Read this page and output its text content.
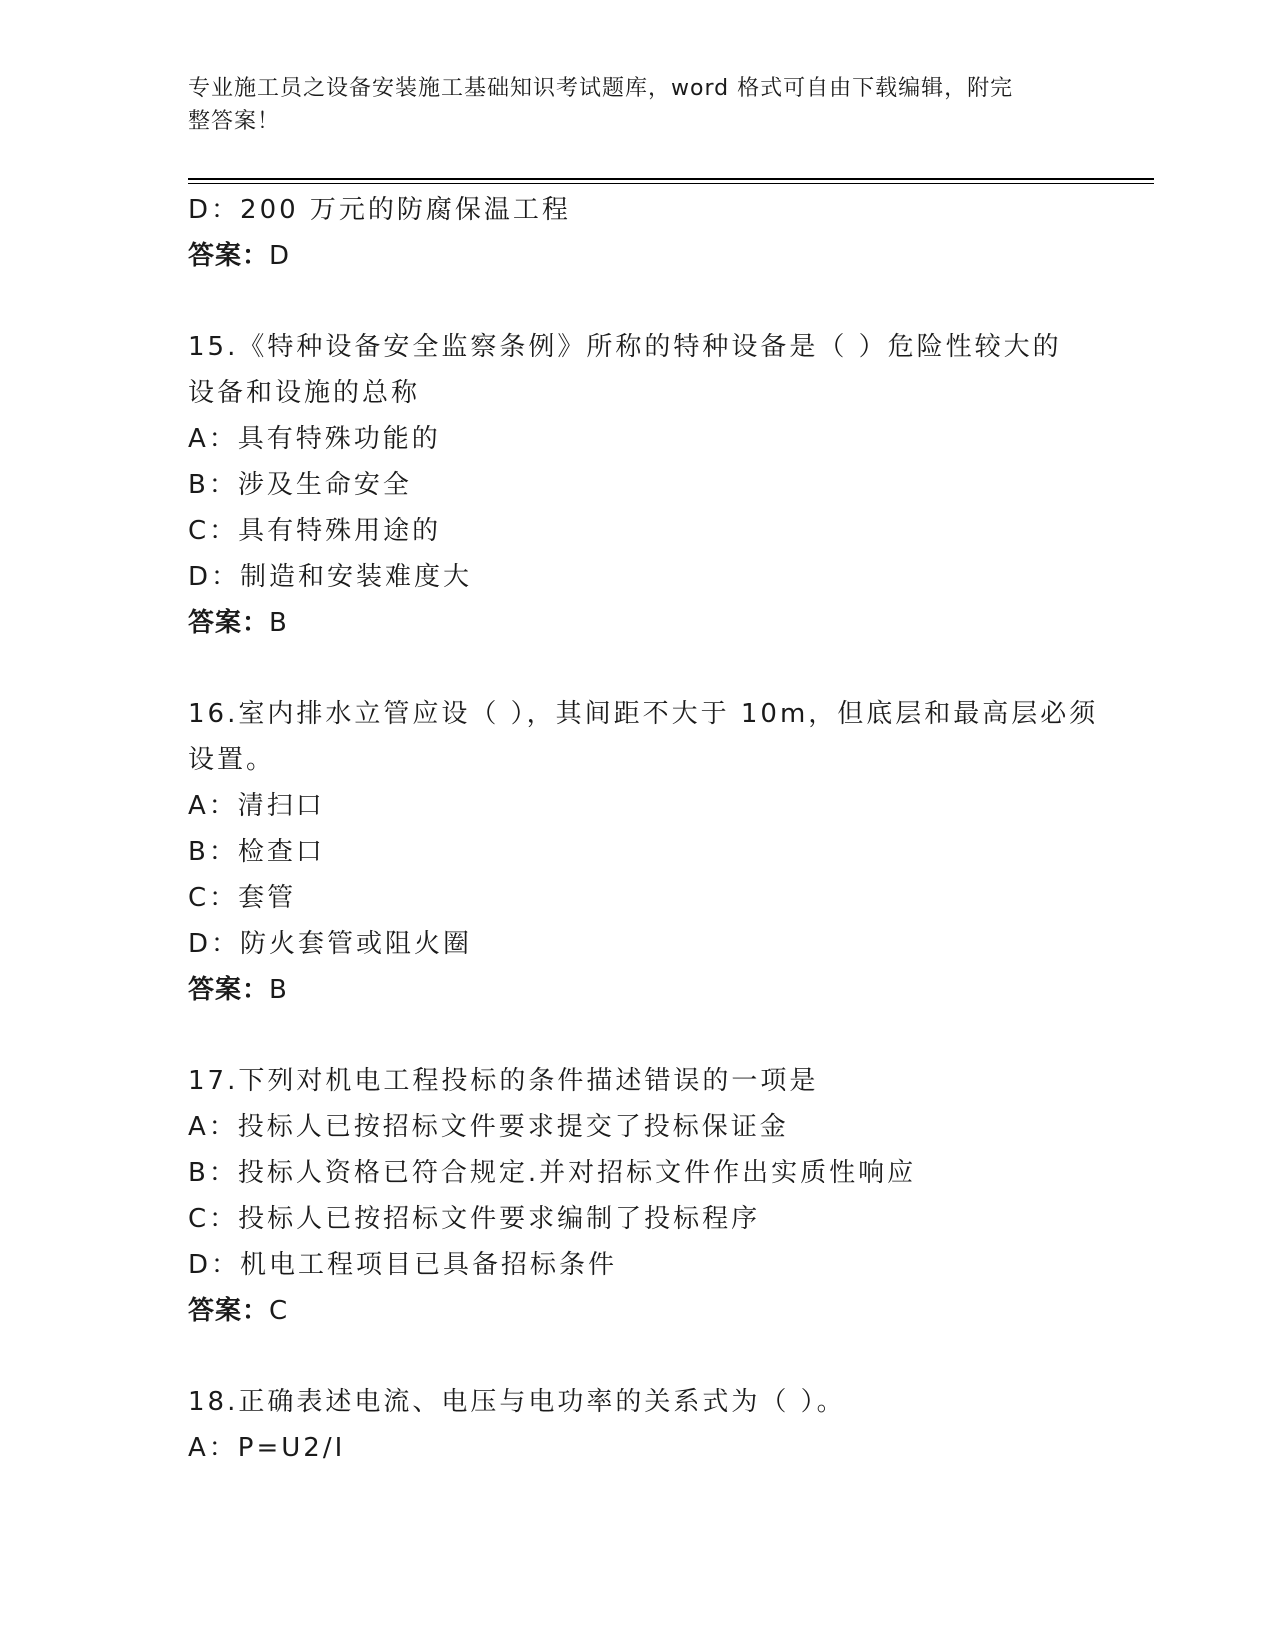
专业施工员之设备安装施工基础知识考试题库，word 格式可自由下载编辑，附完
整答案！
D：200 万元的防腐保温工程
答案：D
15.《特种设备安全监察条例》所称的特种设备是（ ）危险性较大的
设备和设施的总称
A：具有特殊功能的
B：涉及生命安全
C：具有特殊用途的
D：制造和安装难度大
答案：B
16.室内排水立管应设（ ），其间距不大于 10m，但底层和最高层必须
设置。
A：清扫口
B：检查口
C：套管
D：防火套管或阻火圈
答案：B
17.下列对机电工程投标的条件描述错误的一项是
A：投标人已按招标文件要求提交了投标保证金
B：投标人资格已符合规定.并对招标文件作出实质性响应
C：投标人已按招标文件要求编制了投标程序
D：机电工程项目已具备招标条件
答案：C
18.正确表述电流、电压与电功率的关系式为（ ）。
A：P=U2/I
